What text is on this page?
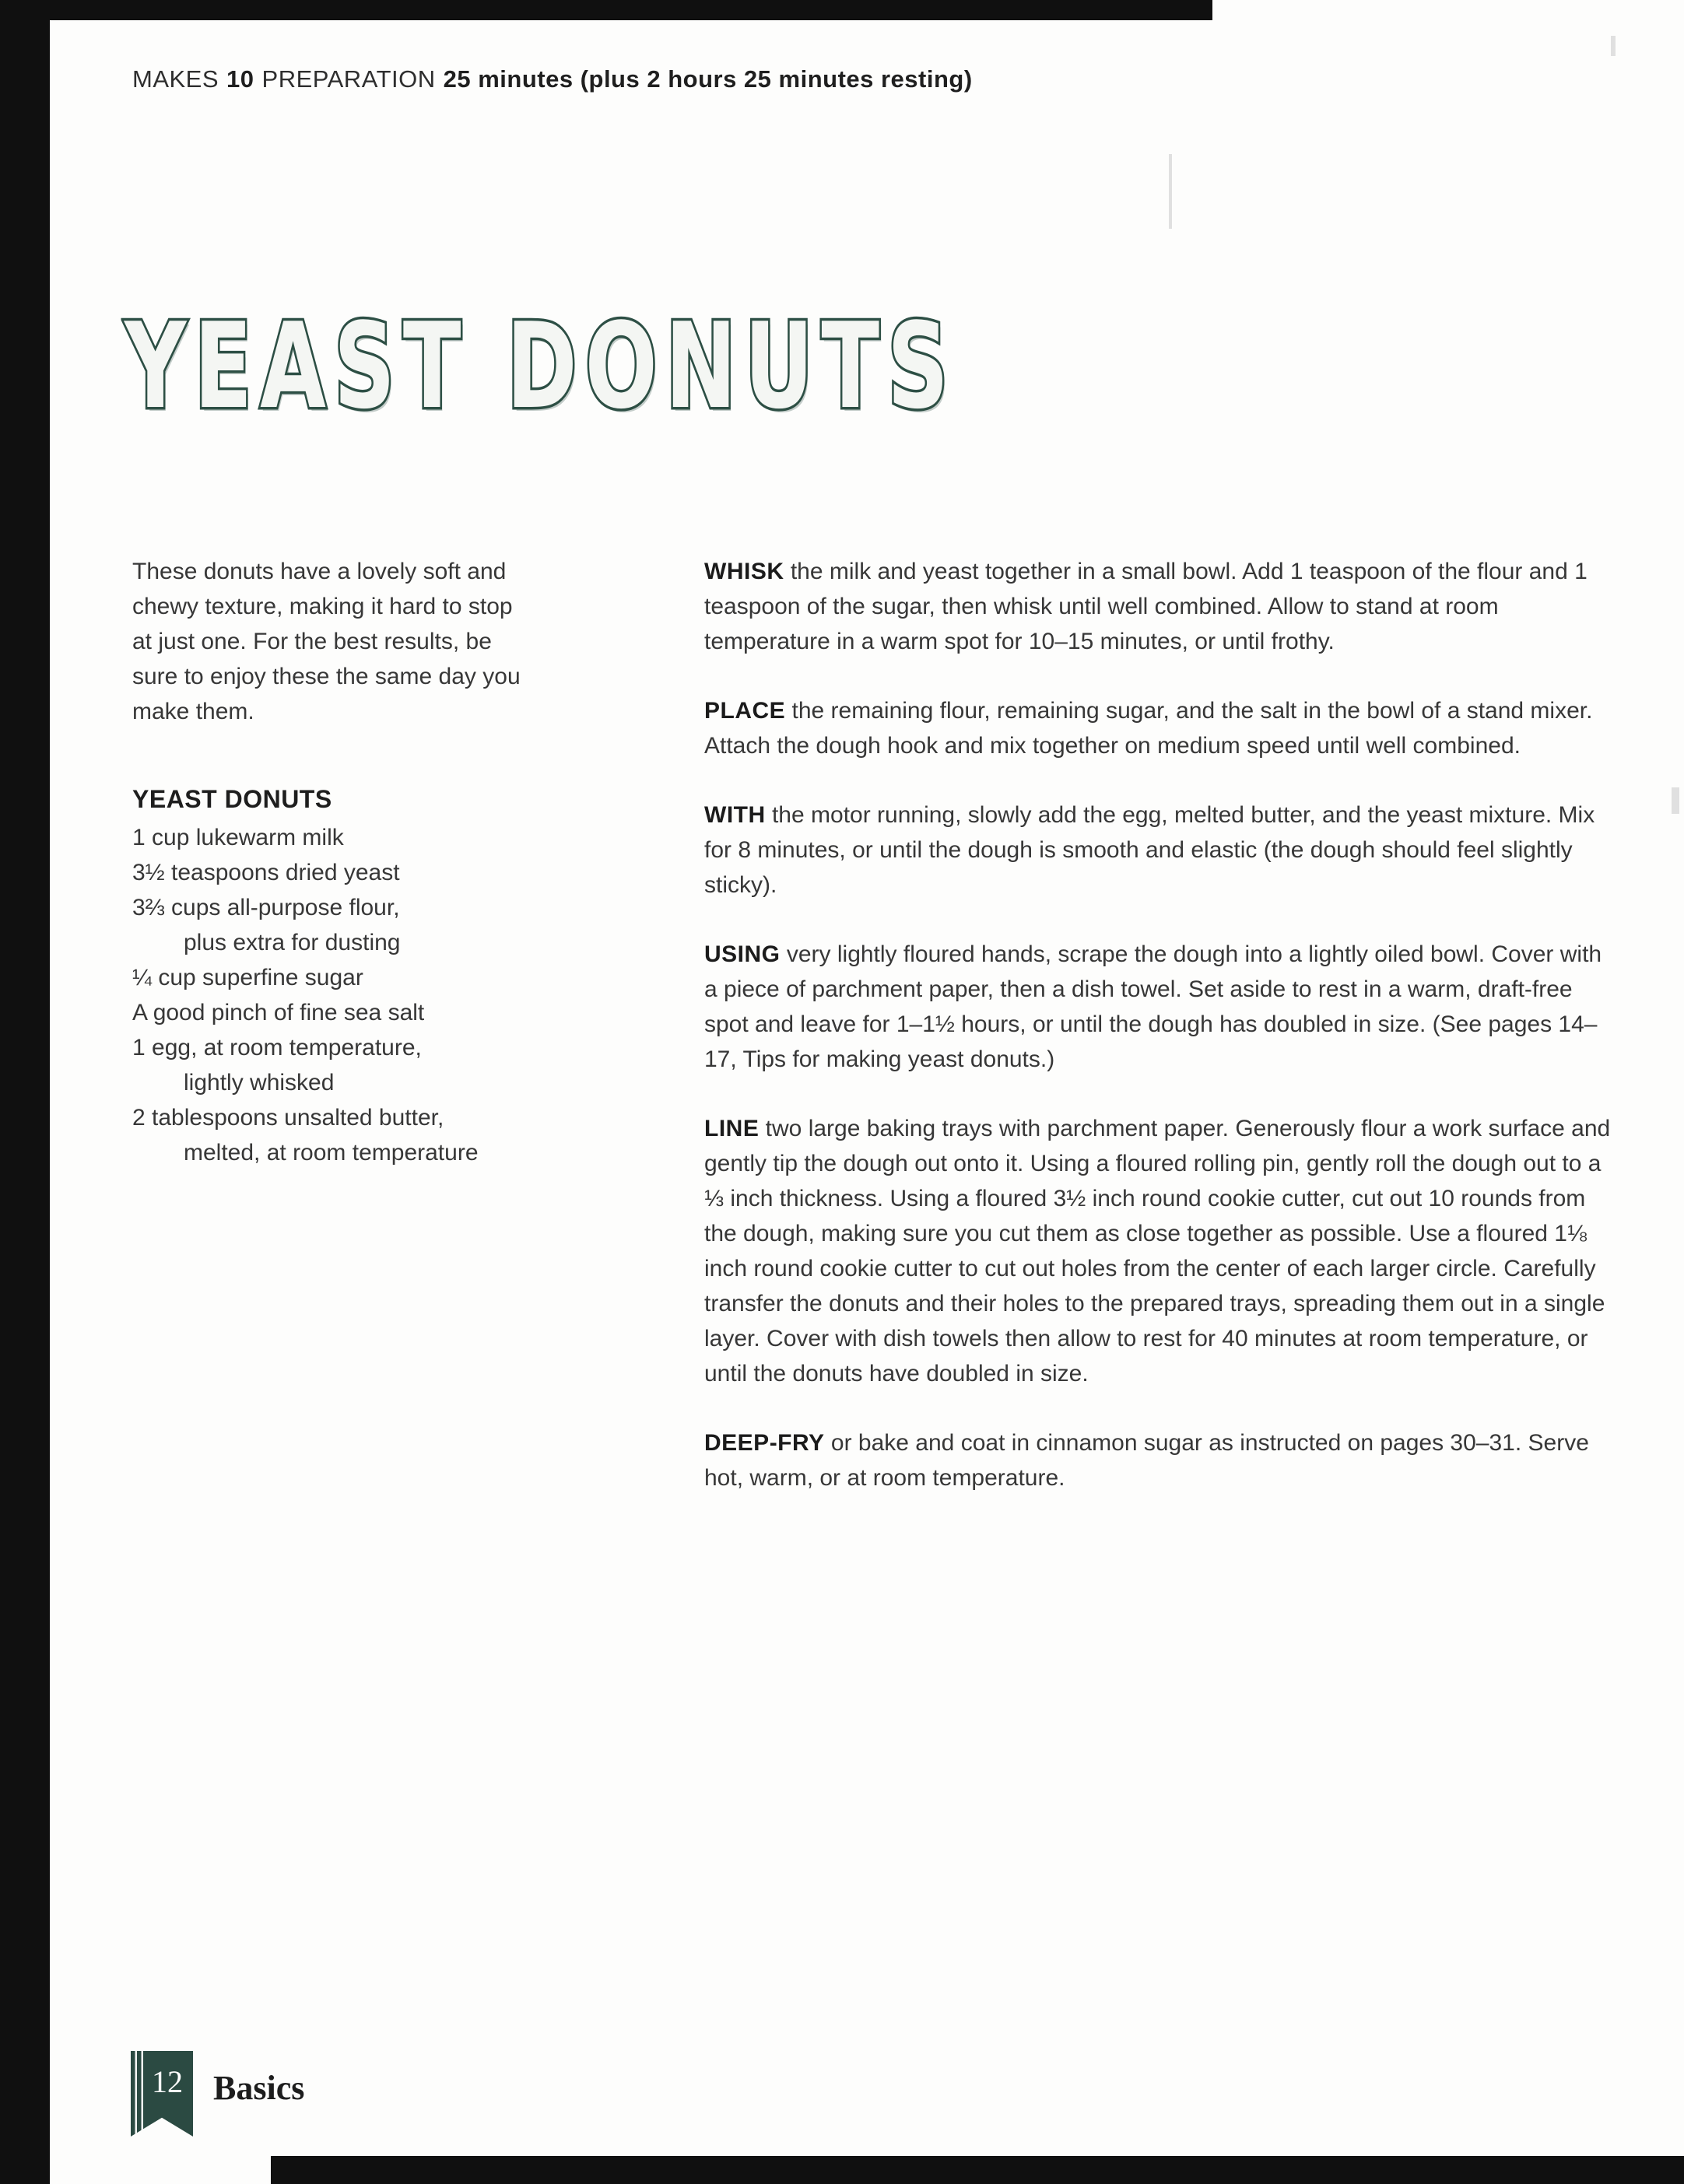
MAKES 10 PREPARATION 25 minutes (plus 2 hours 25 minutes resting)
YEAST DONUTS
These donuts have a lovely soft and chewy texture, making it hard to stop at just one. For the best results, be sure to enjoy these the same day you make them.
YEAST DONUTS
1 cup lukewarm milk
3½ teaspoons dried yeast
3⅔ cups all-purpose flour,
plus extra for dusting
¼ cup superfine sugar
A good pinch of fine sea salt
1 egg, at room temperature,
lightly whisked
2 tablespoons unsalted butter,
melted, at room temperature

WHISK the milk and yeast together in a small bowl. Add 1 teaspoon of the flour and 1 teaspoon of the sugar, then whisk until well combined. Allow to stand at room temperature in a warm spot for 10–15 minutes, or until frothy.

PLACE the remaining flour, remaining sugar, and the salt in the bowl of a stand mixer. Attach the dough hook and mix together on medium speed until well combined.

WITH the motor running, slowly add the egg, melted butter, and the yeast mixture. Mix for 8 minutes, or until the dough is smooth and elastic (the dough should feel slightly sticky).

USING very lightly floured hands, scrape the dough into a lightly oiled bowl. Cover with a piece of parchment paper, then a dish towel. Set aside to rest in a warm, draft-free spot and leave for 1–1½ hours, or until the dough has doubled in size. (See pages 14–17, Tips for making yeast donuts.)

LINE two large baking trays with parchment paper. Generously flour a work surface and gently tip the dough out onto it. Using a floured rolling pin, gently roll the dough out to a ⅓ inch thickness. Using a floured 3½ inch round cookie cutter, cut out 10 rounds from the dough, making sure you cut them as close together as possible. Use a floured 1⅛ inch round cookie cutter to cut out holes from the center of each larger circle. Carefully transfer the donuts and their holes to the prepared trays, spreading them out in a single layer. Cover with dish towels then allow to rest for 40 minutes at room temperature, or until the donuts have doubled in size.

DEEP-FRY or bake and coat in cinnamon sugar as instructed on pages 30–31. Serve hot, warm, or at room temperature.

12 Basics
